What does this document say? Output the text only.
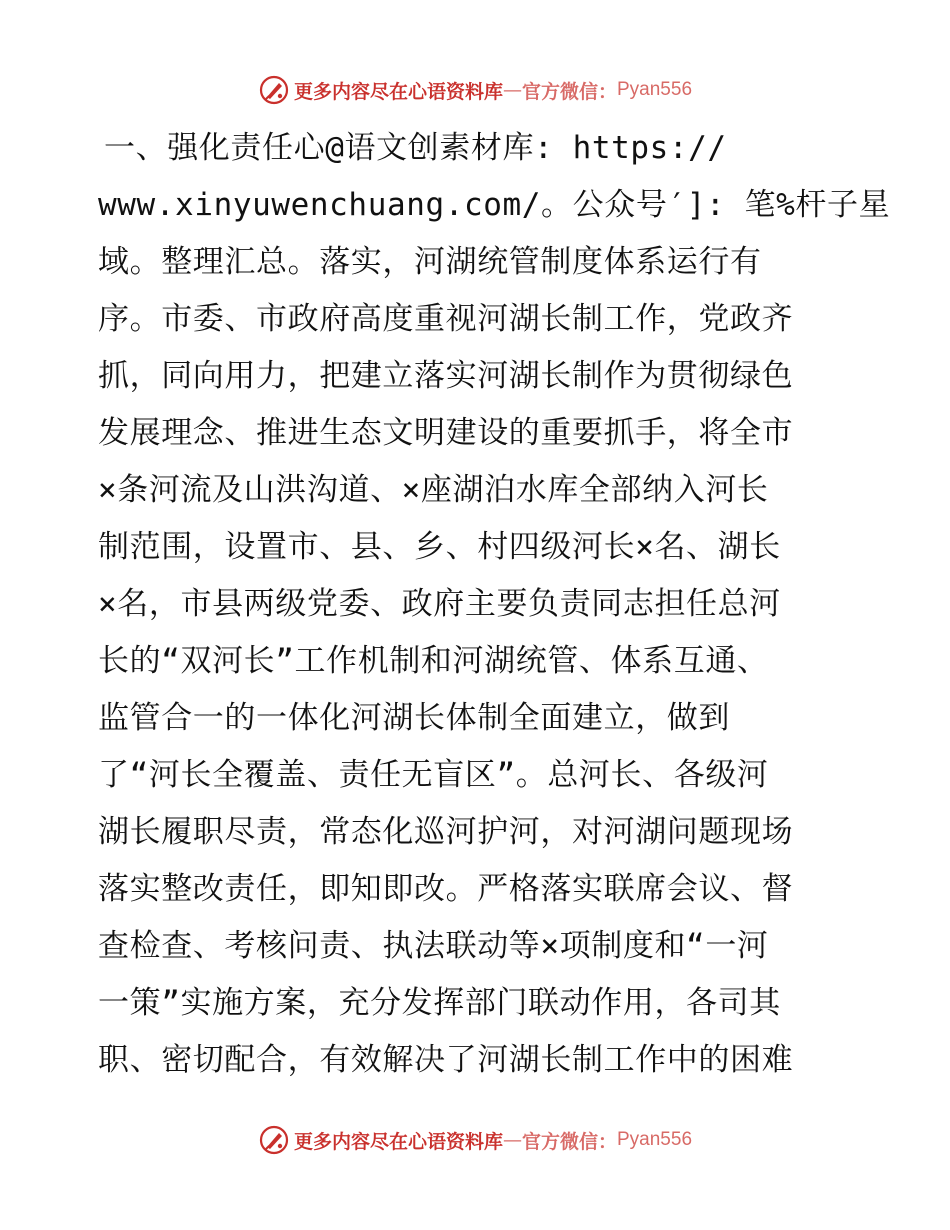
更多内容尽在心语资料库 — 官方微信： Pyan556
一、强化责任心@语文创素材库: https://
www.xinyuwenchuang.com/。公众号′]: 笔%杆子星
域。整理汇总。落实，河湖统管制度体系运行有
序。市委、市政府高度重视河湖长制工作，党政齐
抓，同向用力，把建立落实河湖长制作为贯彻绿色
发展理念、推进生态文明建设的重要抓手，将全市
×条河流及山洪沟道、×座湖泊水库全部纳入河长
制范围，设置市、县、乡、村四级河长×名、湖长
×名，市县两级党委、政府主要负责同志担任总河
长的“双河长”工作机制和河湖统管、体系互通、
监管合一的一体化河湖长体制全面建立，做到
了“河长全覆盖、责任无盲区”。总河长、各级河
湖长履职尽责，常态化巡河护河，对河湖问题现场
落实整改责任，即知即改。严格落实联席会议、督
查检查、考核问责、执法联动等×项制度和“一河
一策”实施方案，充分发挥部门联动作用，各司其
职、密切配合，有效解决了河湖长制工作中的困难
更多内容尽在心语资料库 — 官方微信： Pyan556
